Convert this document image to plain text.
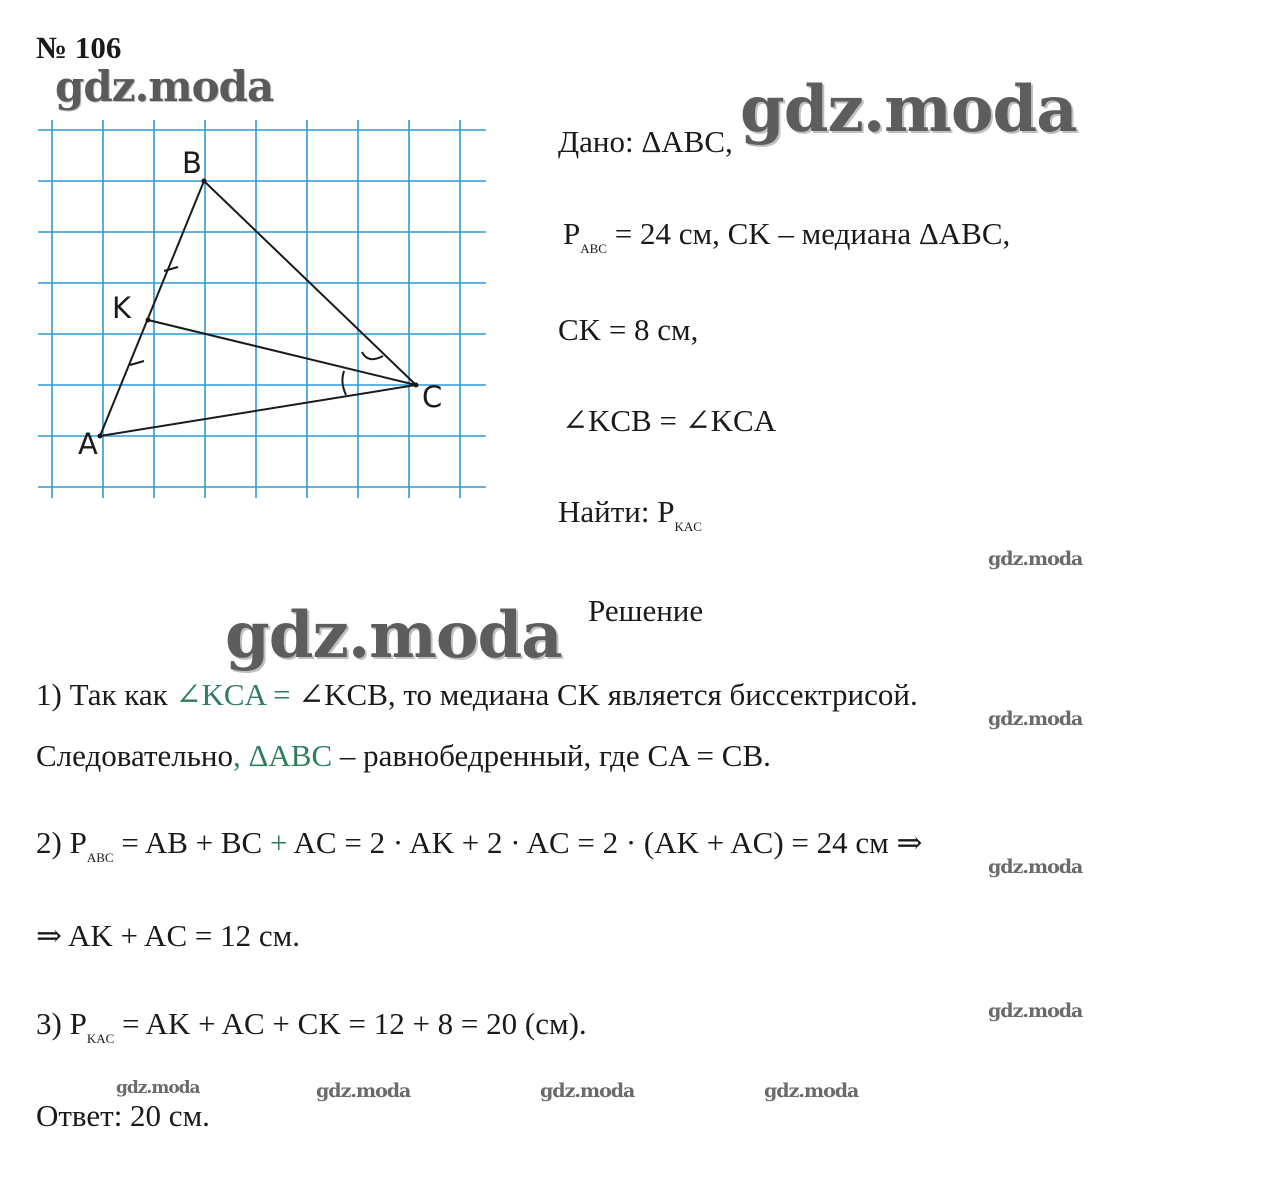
№ 106
gdz.moda	gdz.moda
gdz.moda
gdz.moda
gdz.moda
gdz.moda
gdz.moda
gdz.moda	gdz.moda	gdz.moda	gdz.moda
A
B
C
K
Дано: ΔABC,
$P_{ABC} = 24$ см, CK – медиана ΔABC,
CK = 8 см,
∠KCB = ∠KCA
Найти: $P_{KAC}$
Решение
1) Так как ∠KCA = ∠KCB, то медиана CK является биссектрисой.
Следовательно, ΔABC – равнобедренный, где CA = CB.
2) $P_{ABC}$ = AB + BC + AC = 2 · AK + 2 · AC = 2 · (AK + AC) = 24 см ⇒
⇒ AK + AC = 12 см.
3) $P_{KAC}$ = AK + AC + CK = 12 + 8 = 20 (см).
Ответ: 20 см.
